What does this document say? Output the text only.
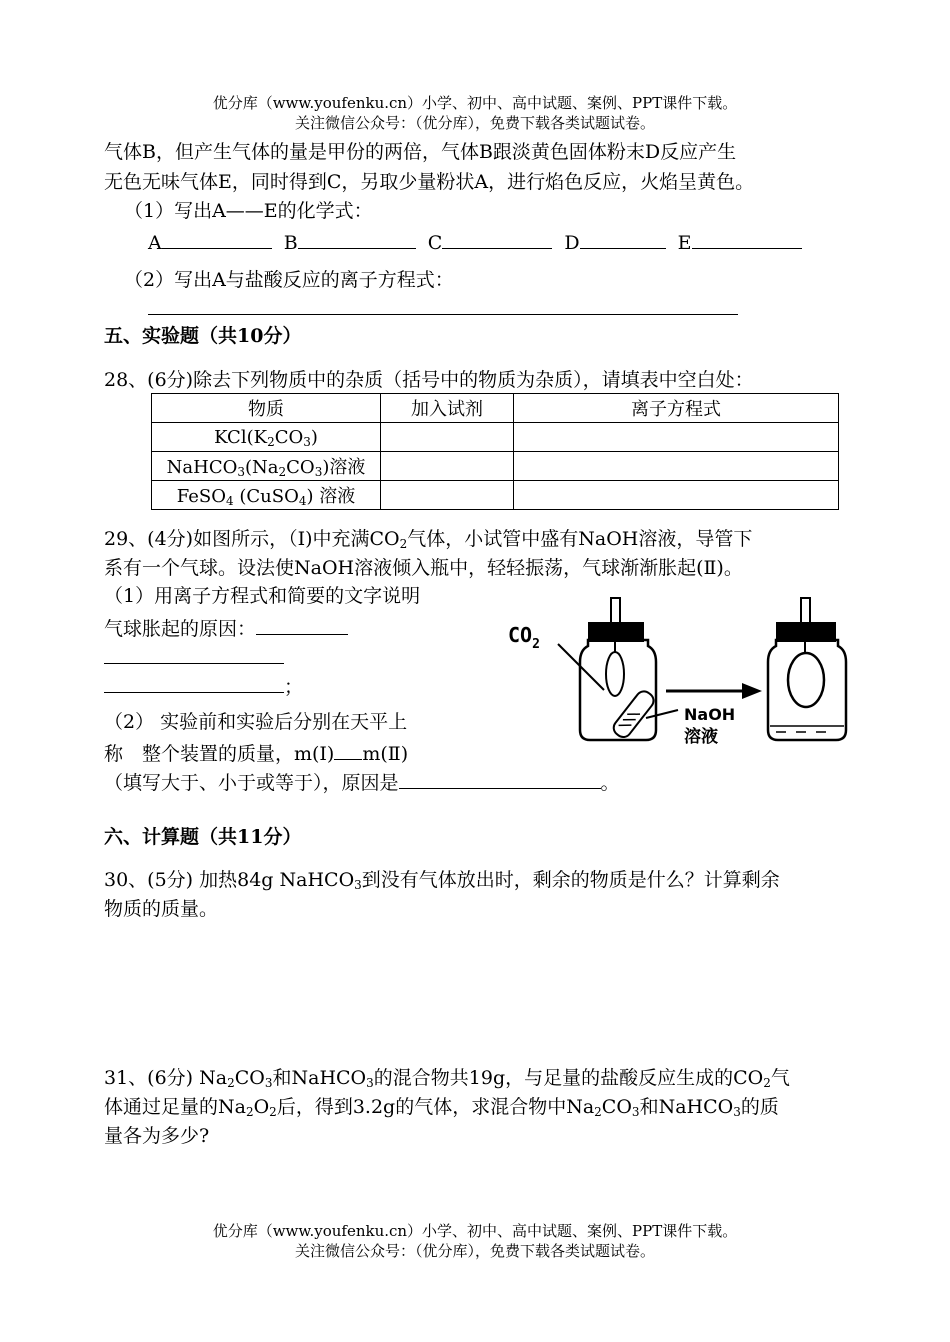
优分库（www.youfenku.cn）小学、初中、高中试题、案例、PPT课件下载。
关注微信公众号：（优分库），免费下载各类试题试卷。
气体B，但产生气体的量是甲份的两倍，气体B跟淡黄色固体粉末D反应产生
无色无味气体E，同时得到C，另取少量粉状A，进行焰色反应，火焰呈黄色。
（1）写出A——E的化学式：
A	B	C	D	E
（2）写出A与盐酸反应的离子方程式：
五、实验题（共10分）
28、(6分)除去下列物质中的杂质（括号中的物质为杂质），请填表中空白处：
物质	加入试剂	离子方程式
$KCl(K_2CO_3)$		
$NaHCO_3(Na_2CO_3)$溶液		
FeSO$_4$ (CuSO$_4$) 溶液		
29、(4分)如图所示，（Ⅰ)中充满$CO_2$气体，小试管中盛有NaOH溶液，导管下
系有一个气球。设法使NaOH溶液倾入瓶中，轻轻振荡，气球渐渐胀起(Ⅱ)。
（1）用离子方程式和简要的文字说明
气球胀起的原因：
；
（2） 实验前和实验后分别在天平上
称　整个装置的质量，m(Ⅰ) m(Ⅱ)
（填写大于、小于或等于），原因是	。
$CO_2$
NaOH
溶液
六、计算题（共11分）
30、(5分) 加热84g NaHCO$_3$到没有气体放出时，剩余的物质是什么？计算剩余
物质的质量。
31、(6分) $Na_2CO_3$和NaHCO$_3$的混合物共19g，与足量的盐酸反应生成的$CO_2$气
体通过足量的$Na_2O_2$后，得到3.2g的气体，求混合物中$Na_2CO_3$和NaHCO$_3$的质
量各为多少?
优分库（www.youfenku.cn）小学、初中、高中试题、案例、PPT课件下载。
关注微信公众号：（优分库），免费下载各类试题试卷。
